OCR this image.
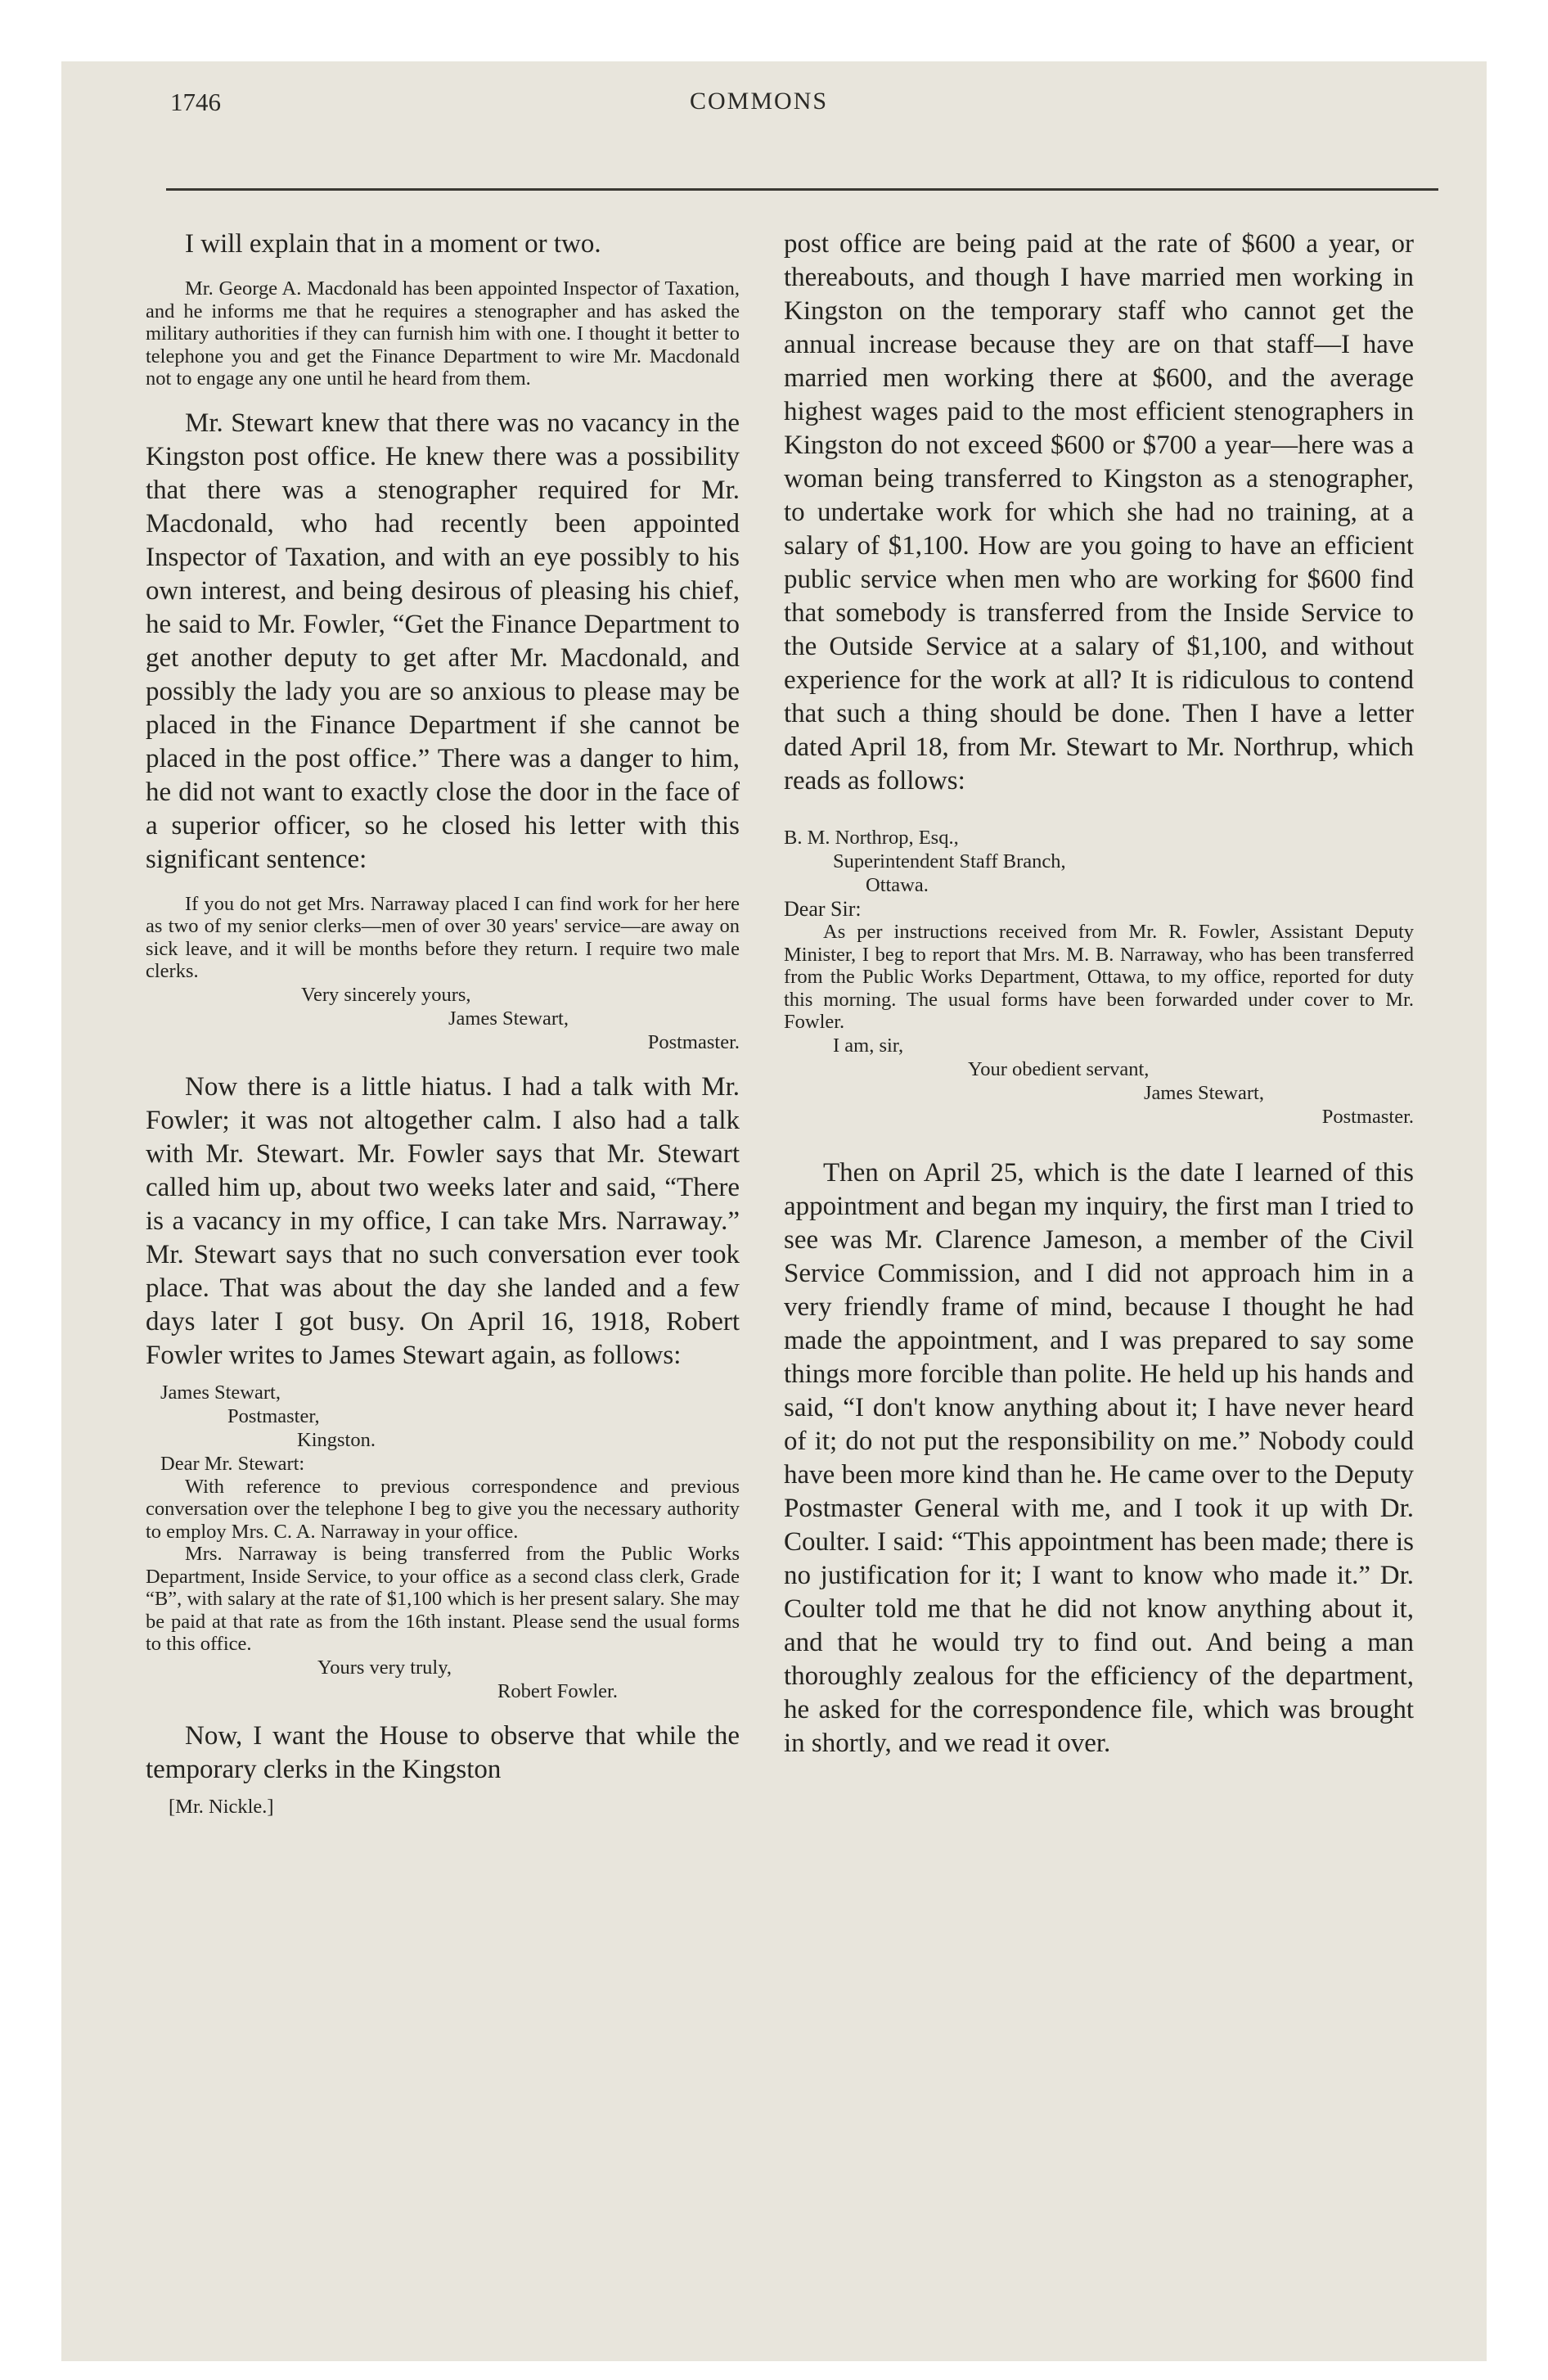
1746	COMMONS

I will explain that in a moment or two.

Mr. George A. Macdonald has been appointed Inspector of Taxation, and he informs me that he requires a stenographer and has asked the military authorities if they can furnish him with one. I thought it better to telephone you and get the Finance Department to wire Mr. Macdonald not to engage any one until he heard from them.

Mr. Stewart knew that there was no vacancy in the Kingston post office. He knew there was a possibility that there was a stenographer required for Mr. Macdonald, who had recently been appointed Inspector of Taxation, and with an eye possibly to his own interest, and being desirous of pleasing his chief, he said to Mr. Fowler, “Get the Finance Department to get another deputy to get after Mr. Macdonald, and possibly the lady you are so anxious to please may be placed in the Finance Department if she cannot be placed in the post office.” There was a danger to him, he did not want to exactly close the door in the face of a superior officer, so he closed his letter with this significant sentence:

If you do not get Mrs. Narraway placed I can find work for her here as two of my senior clerks—men of over 30 years' service—are away on sick leave, and it will be months before they return. I require two male clerks.

Very sincerely yours,

James Stewart,

Postmaster.

Now there is a little hiatus. I had a talk with Mr. Fowler; it was not altogether calm. I also had a talk with Mr. Stewart. Mr. Fowler says that Mr. Stewart called him up, about two weeks later and said, “There is a vacancy in my office, I can take Mrs. Narraway.” Mr. Stewart says that no such conversation ever took place. That was about the day she landed and a few days later I got busy. On April 16, 1918, Robert Fowler writes to James Stewart again, as follows:

James Stewart,

Postmaster,

Kingston.

Dear Mr. Stewart:

With reference to previous correspondence and previous conversation over the telephone I beg to give you the necessary authority to employ Mrs. C. A. Narraway in your office.

Mrs. Narraway is being transferred from the Public Works Department, Inside Service, to your office as a second class clerk, Grade “B”, with salary at the rate of $1,100 which is her present salary. She may be paid at that rate as from the 16th instant. Please send the usual forms to this office.

Yours very truly,

Robert Fowler.

Now, I want the House to observe that while the temporary clerks in the Kingston

[Mr. Nickle.]

post office are being paid at the rate of $600 a year, or thereabouts, and though I have married men working in Kingston on the temporary staff who cannot get the annual increase because they are on that staff—I have married men working there at $600, and the average highest wages paid to the most efficient stenographers in Kingston do not exceed $600 or $700 a year—here was a woman being transferred to Kingston as a stenographer, to undertake work for which she had no training, at a salary of $1,100. How are you going to have an efficient public service when men who are working for $600 find that somebody is transferred from the Inside Service to the Outside Service at a salary of $1,100, and without experience for the work at all? It is ridiculous to contend that such a thing should be done. Then I have a letter dated April 18, from Mr. Stewart to Mr. Northrup, which reads as follows:

B. M. Northrop, Esq.,

Superintendent Staff Branch,

Ottawa.

Dear Sir:

As per instructions received from Mr. R. Fowler, Assistant Deputy Minister, I beg to report that Mrs. M. B. Narraway, who has been transferred from the Public Works Department, Ottawa, to my office, reported for duty this morning. The usual forms have been forwarded under cover to Mr. Fowler.

I am, sir,

Your obedient servant,

James Stewart,

Postmaster.

Then on April 25, which is the date I learned of this appointment and began my inquiry, the first man I tried to see was Mr. Clarence Jameson, a member of the Civil Service Commission, and I did not approach him in a very friendly frame of mind, because I thought he had made the appointment, and I was prepared to say some things more forcible than polite. He held up his hands and said, “I don't know anything about it; I have never heard of it; do not put the responsibility on me.” Nobody could have been more kind than he. He came over to the Deputy Postmaster General with me, and I took it up with Dr. Coulter. I said: “This appointment has been made; there is no justification for it; I want to know who made it.” Dr. Coulter told me that he did not know anything about it, and that he would try to find out. And being a man thoroughly zealous for the efficiency of the department, he asked for the correspondence file, which was brought in shortly, and we read it over.
